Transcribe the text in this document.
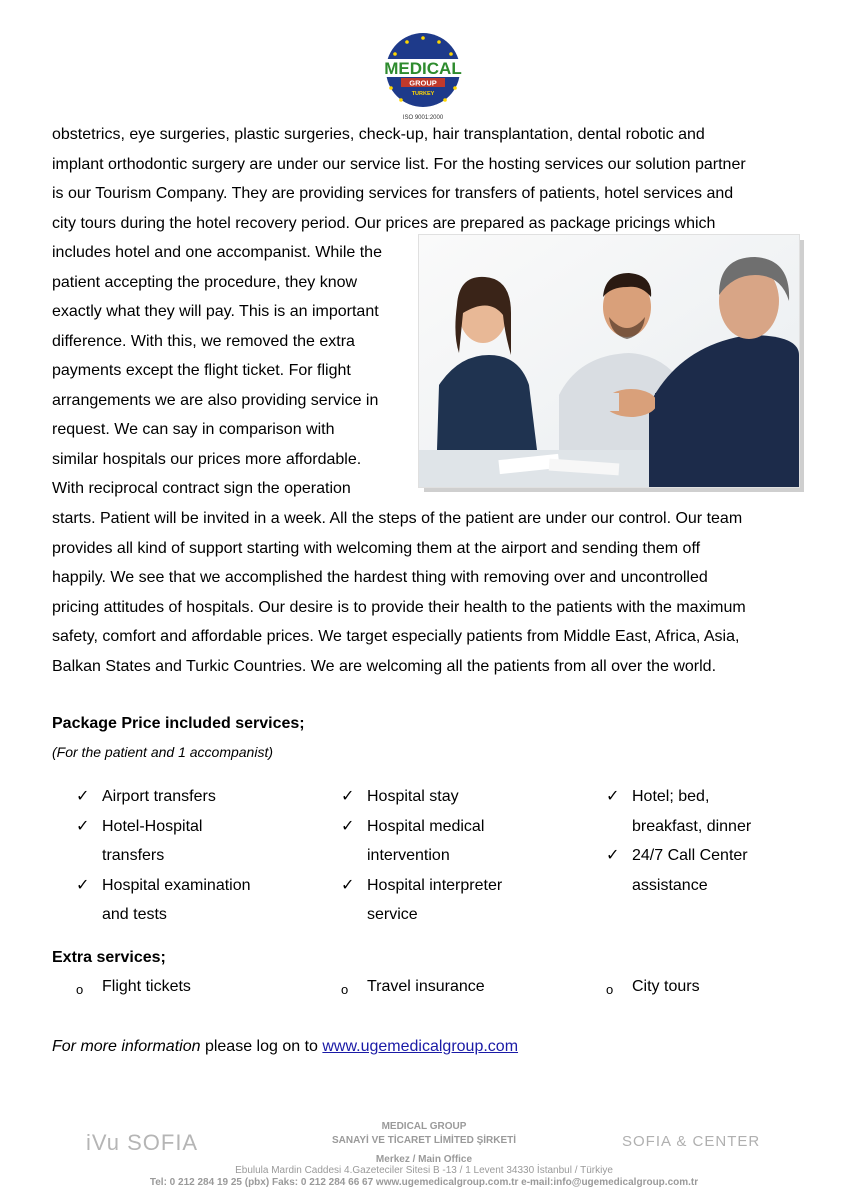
MEDICAL
GROUP
TURKEY
ISO 9001:2000
obstetrics, eye surgeries, plastic surgeries, check-up, hair transplantation, dental robotic and
implant orthodontic surgery are under our service list. For the hosting services our solution partner
is our Tourism Company. They are providing services for transfers of patients, hotel services and
city tours during the hotel recovery period. Our prices are prepared as package pricings which
includes hotel and one accompanist. While the
patient accepting the procedure, they know
exactly what they will pay. This is an important
difference. With this, we removed the extra
payments except the flight ticket. For flight
arrangements we are also providing service in
request. We can say in comparison with
similar hospitals our prices more affordable.
With reciprocal contract sign the operation
starts. Patient will be invited in a week. All the steps of the patient are under our control. Our team
provides all kind of support starting with welcoming them at the airport and sending them off
happily. We see that we accomplished the hardest thing with removing over and uncontrolled
pricing attitudes of hospitals. Our desire is to provide their health to the patients with the maximum
safety, comfort and affordable prices. We target especially patients from Middle East, Africa, Asia,
Balkan States and Turkic Countries. We are welcoming all the patients from all over the world.
Package Price included services;
(For the patient and 1 accompanist)
✓ Airport transfers
✓ Hotel-Hospital
transfers
✓ Hospital examination
and tests
✓ Hospital stay
✓ Hospital medical
intervention
✓ Hospital interpreter
service
✓ Hotel; bed,
breakfast, dinner
✓ 24/7 Call Center
assistance
Extra services;
o Flight tickets	o Travel insurance	o City tours
For more information please log on to www.ugemedicalgroup.com
iVu SOFIA	SOFIA & CENTER
MEDICAL GROUP
SANAYİ VE TİCARET LİMİTED ŞİRKETİ
Merkez / Main Office
Ebulula Mardin Caddesi 4.Gazeteciler Sitesi B -13 / 1 Levent 34330 İstanbul / Türkiye
Tel: 0 212 284 19 25 (pbx) Faks: 0 212 284 66 67 www.ugemedicalgroup.com.tr e-mail:info@ugemedicalgroup.com.tr
